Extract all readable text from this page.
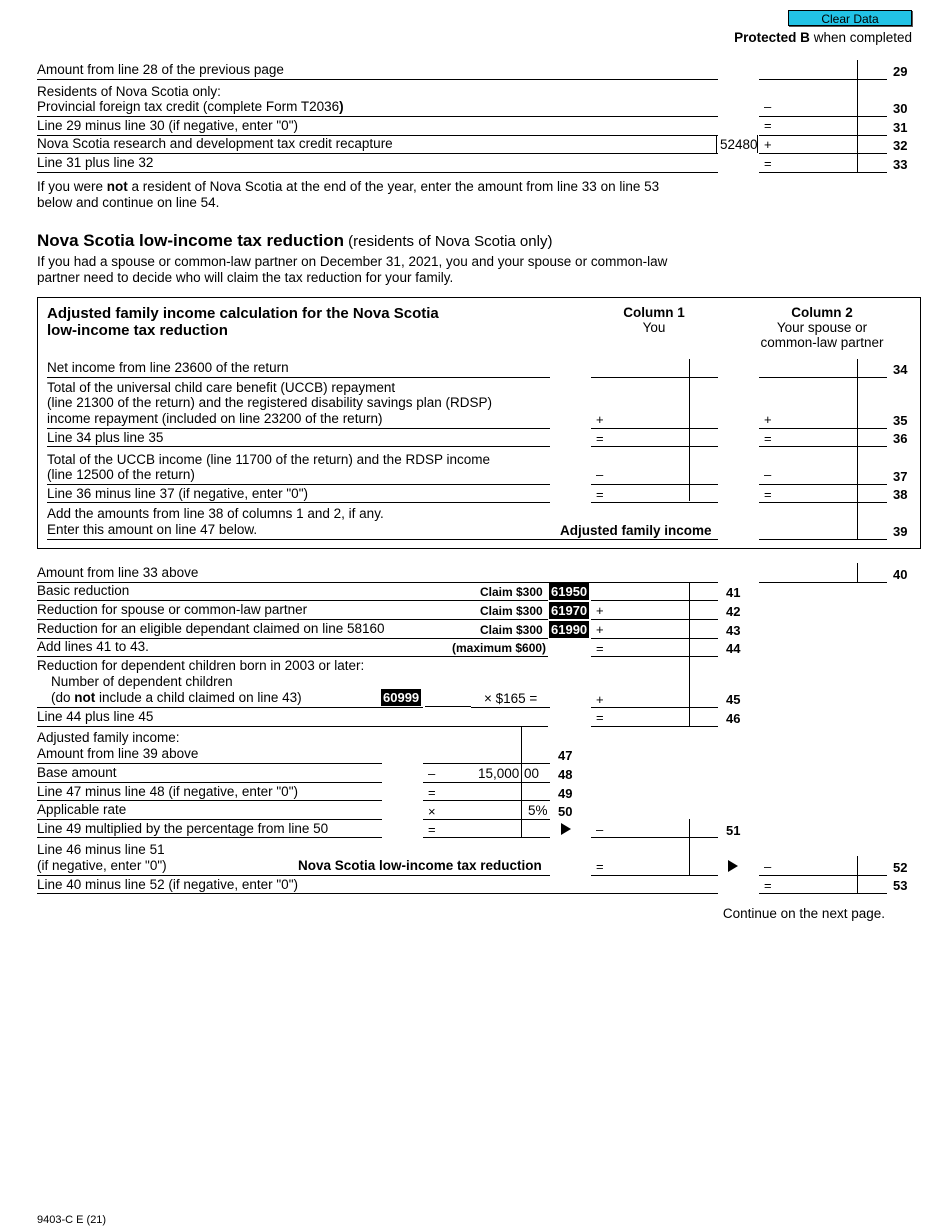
Clear Data
Protected B when completed
Amount from line 28 of the previous page	29
Residents of Nova Scotia only:
Provincial foreign tax credit (complete Form T2036)	–	30
Line 29 minus line 30 (if negative, enter "0")	=	31
Nova Scotia research and development tax credit recapture	52480 +	32
Line 31 plus line 32	=	33
If you were not a resident of Nova Scotia at the end of the year, enter the amount from line 33 on line 53
below and continue on line 54.
Nova Scotia low-income tax reduction (residents of Nova Scotia only)
If you had a spouse or common-law partner on December 31, 2021, you and your spouse or common-law
partner need to decide who will claim the tax reduction for your family.
Adjusted family income calculation for the Nova Scotia
low-income tax reduction
Column 1
You
Column 2
Your spouse or
common-law partner
Net income from line 23600 of the return	34
Total of the universal child care benefit (UCCB) repayment
(line 21300 of the return) and the registered disability savings plan (RDSP)
income repayment (included on line 23200 of the return)	+	+	35
Line 34 plus line 35	=	=	36
Total of the UCCB income (line 11700 of the return) and the RDSP income
(line 12500 of the return)	–	–	37
Line 36 minus line 37 (if negative, enter "0")	=	=	38
Add the amounts from line 38 of columns 1 and 2, if any.
Enter this amount on line 47 below.	Adjusted family income	39
Amount from line 33 above	40
Basic reduction	Claim $300 61950	41
Reduction for spouse or common-law partner	Claim $300 61970 +	42
Reduction for an eligible dependant claimed on line 58160	Claim $300 61990 +	43
Add lines 41 to 43.	(maximum $600)	=	44
Reduction for dependent children born in 2003 or later:
Number of dependent children
(do not include a child claimed on line 43)	60999	× $165 =	+	45
Line 44 plus line 45	=	46
Adjusted family income:
Amount from line 39 above	47
Base amount	–	15,000 00 48
Line 47 minus line 48 (if negative, enter "0")	=	49
Applicable rate	×	5% 50
Line 49 multiplied by the percentage from line 50	=	–	51
Line 46 minus line 51
(if negative, enter "0")	Nova Scotia low-income tax reduction	=	–	52
Line 40 minus line 52 (if negative, enter "0")	=	53
Continue on the next page.
9403-C E (21)
